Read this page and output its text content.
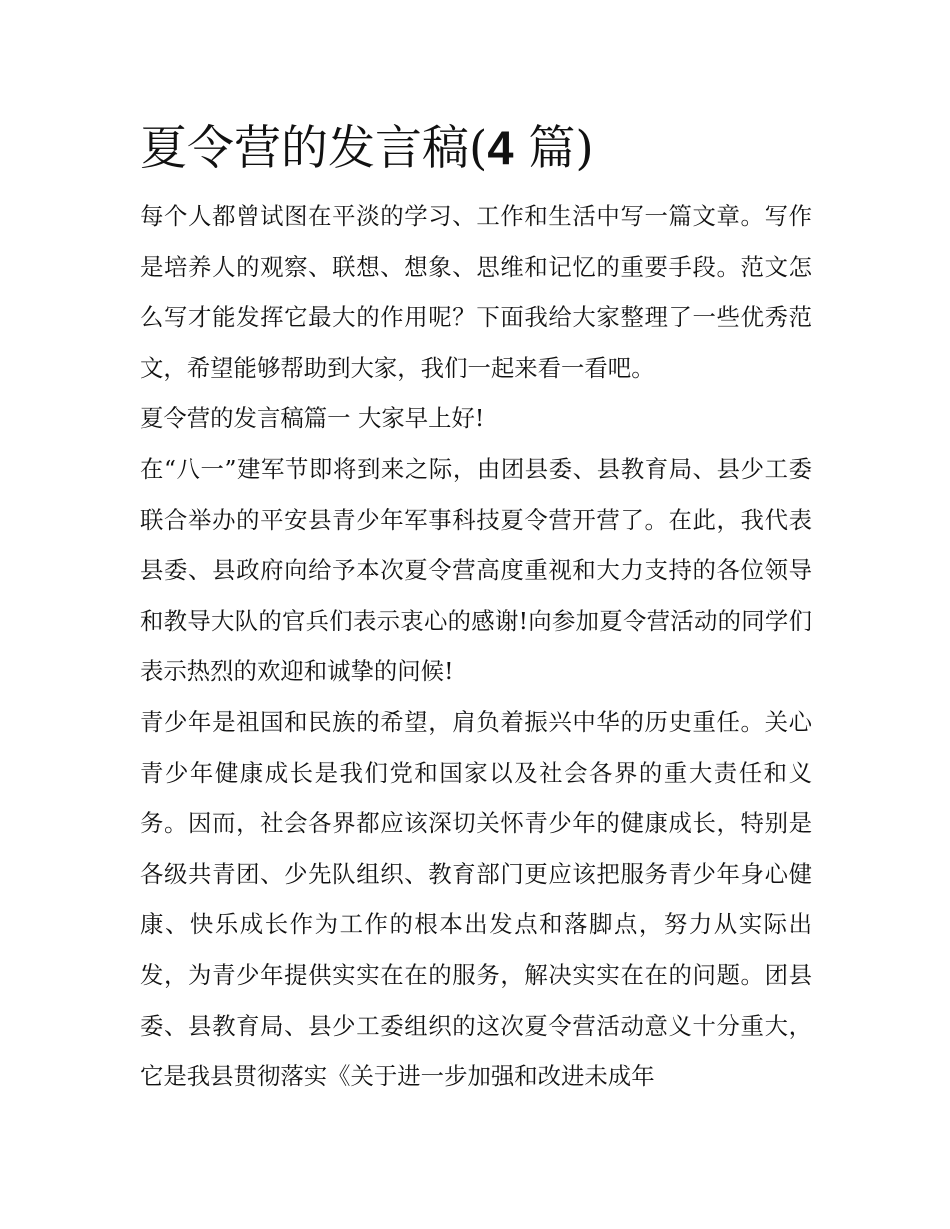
夏令营的发言稿(4 篇)

每个人都曾试图在平淡的学习、工作和生活中写一篇文章。写作是培养人的观察、联想、想象、思维和记忆的重要手段。范文怎么写才能发挥它最大的作用呢？下面我给大家整理了一些优秀范文，希望能够帮助到大家，我们一起来看一看吧。

夏令营的发言稿篇一 大家早上好!

在“八一”建军节即将到来之际，由团县委、县教育局、县少工委联合举办的平安县青少年军事科技夏令营开营了。在此，我代表县委、县政府向给予本次夏令营高度重视和大力支持的各位领导和教导大队的官兵们表示衷心的感谢!向参加夏令营活动的同学们表示热烈的欢迎和诚挚的问候!

青少年是祖国和民族的希望，肩负着振兴中华的历史重任。关心青少年健康成长是我们党和国家以及社会各界的重大责任和义务。因而，社会各界都应该深切关怀青少年的健康成长，特别是各级共青团、少先队组织、教育部门更应该把服务青少年身心健康、快乐成长作为工作的根本出发点和落脚点，努力从实际出发，为青少年提供实实在在的服务，解决实实在在的问题。团县委、县教育局、县少工委组织的这次夏令营活动意义十分重大，它是我县贯彻落实《关于进一步加强和改进未成年
